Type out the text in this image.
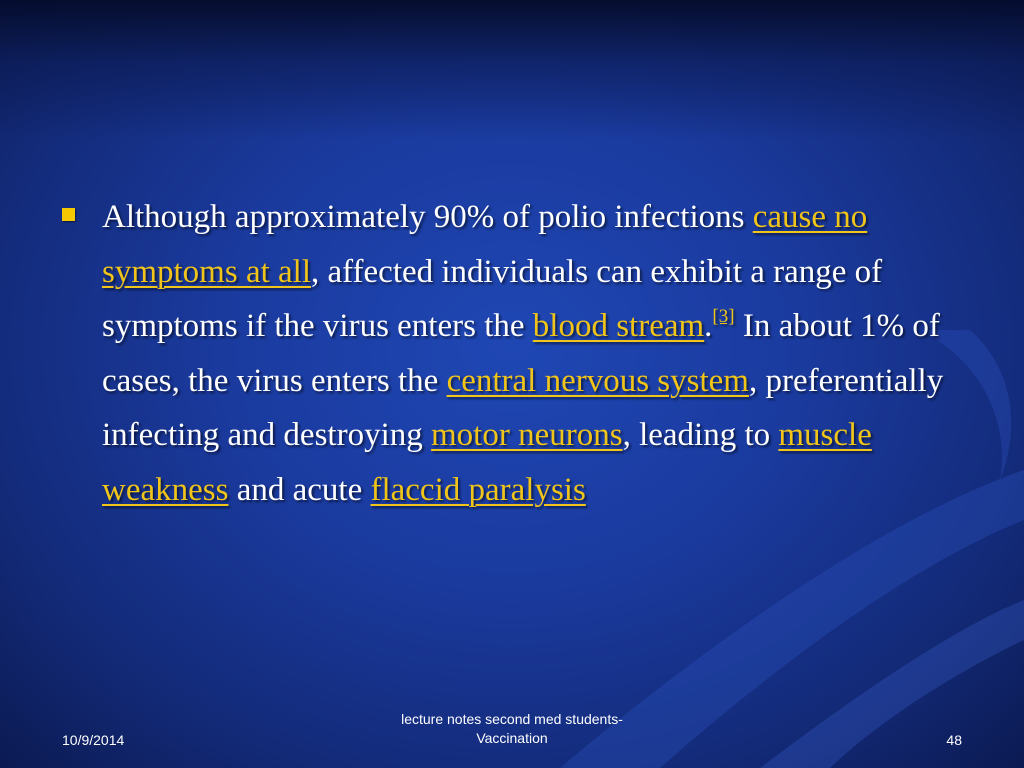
Although approximately 90% of polio infections cause no symptoms at all, affected individuals can exhibit a range of symptoms if the virus enters the blood stream.[3] In about 1% of cases, the virus enters the central nervous system, preferentially infecting and destroying motor neurons, leading to muscle weakness and acute flaccid paralysis
10/9/2014
lecture notes second med students-
Vaccination	48
